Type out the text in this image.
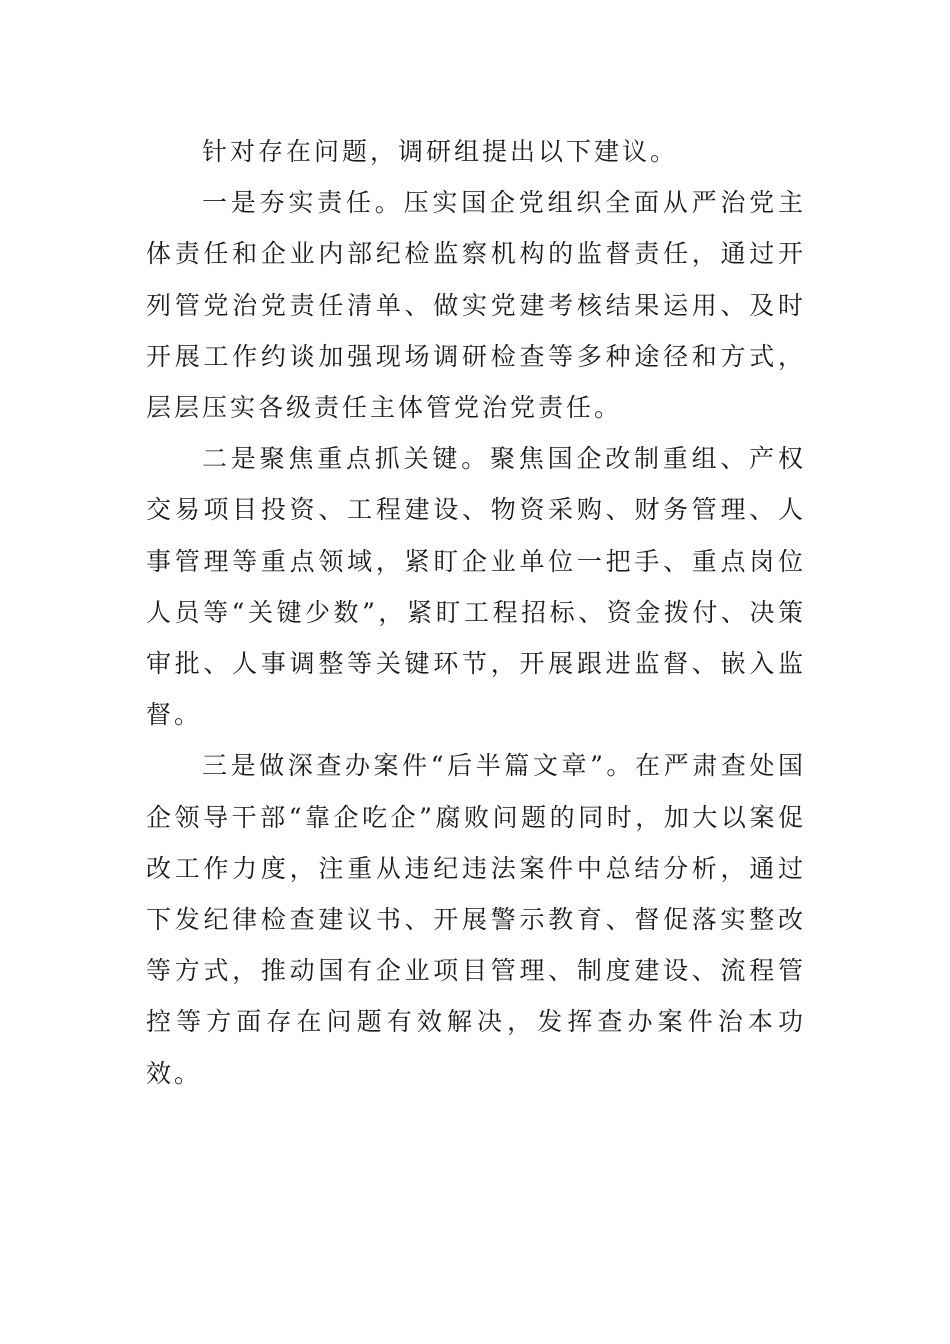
针对存在问题，调研组提出以下建议。

一是夯实责任。压实国企党组织全面从严治党主体责任和企业内部纪检监察机构的监督责任，通过开列管党治党责任清单、做实党建考核结果运用、及时开展工作约谈加强现场调研检查等多种途径和方式，层层压实各级责任主体管党治党责任。

二是聚焦重点抓关键。聚焦国企改制重组、产权交易项目投资、工程建设、物资采购、财务管理、人事管理等重点领域，紧盯企业单位一把手、重点岗位人员等“关键少数”，紧盯工程招标、资金拨付、决策审批、人事调整等关键环节，开展跟进监督、嵌入监督。

三是做深查办案件“后半篇文章”。在严肃查处国企领导干部“靠企吃企”腐败问题的同时，加大以案促改工作力度，注重从违纪违法案件中总结分析，通过下发纪律检查建议书、开展警示教育、督促落实整改等方式，推动国有企业项目管理、制度建设、流程管控等方面存在问题有效解决，发挥查办案件治本功效。
